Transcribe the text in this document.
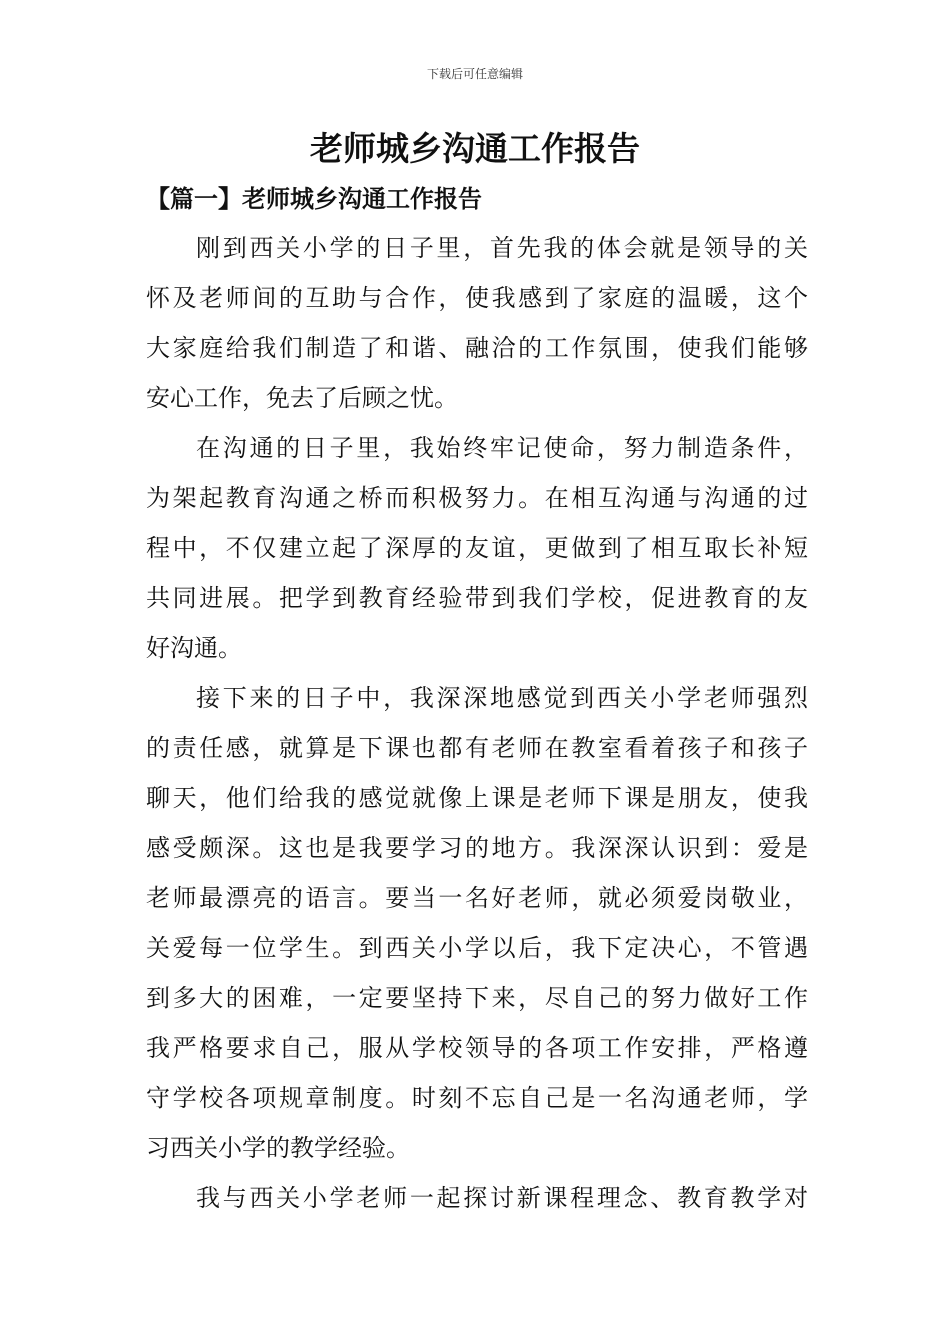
下载后可任意编辑
老师城乡沟通工作报告
【篇一】老师城乡沟通工作报告

刚到西关小学的日子里，首先我的体会就是领导的关

怀及老师间的互助与合作，使我感到了家庭的温暖，这个

大家庭给我们制造了和谐、融洽的工作氛围，使我们能够

安心工作，免去了后顾之忧。

在沟通的日子里，我始终牢记使命，努力制造条件，

为架起教育沟通之桥而积极努力。在相互沟通与沟通的过

程中，不仅建立起了深厚的友谊，更做到了相互取长补短

共同进展。把学到教育经验带到我们学校，促进教育的友

好沟通。

接下来的日子中，我深深地感觉到西关小学老师强烈

的责任感，就算是下课也都有老师在教室看着孩子和孩子

聊天，他们给我的感觉就像上课是老师下课是朋友，使我

感受颇深。这也是我要学习的地方。我深深认识到：爱是

老师最漂亮的语言。要当一名好老师，就必须爱岗敬业，

关爱每一位学生。到西关小学以后，我下定决心，不管遇

到多大的困难，一定要坚持下来，尽自己的努力做好工作

我严格要求自己，服从学校领导的各项工作安排，严格遵

守学校各项规章制度。时刻不忘自己是一名沟通老师，学

习西关小学的教学经验。

我与西关小学老师一起探讨新课程理念、教育教学对
